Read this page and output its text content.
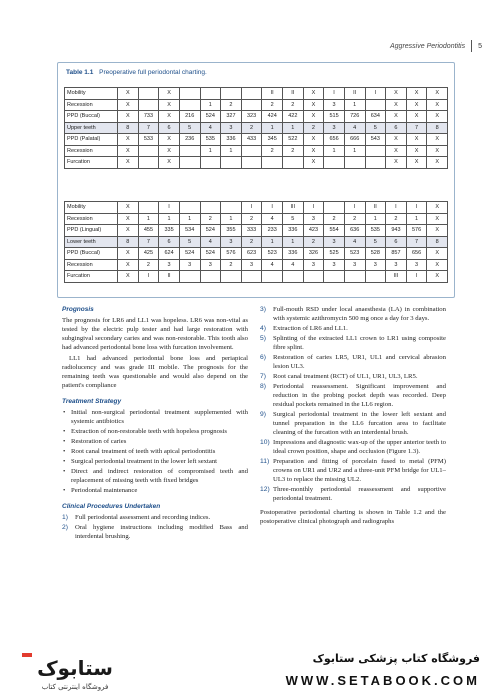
Aggressive Periodontitis 5
Table 1.1 Preoperative full periodontal charting.
Mobility	X		X					II	II	X	I	II	I	X	X	X
Recession	X		X		1	2		2	2	X	3	1		X	X	X
PPD (Buccal)	X	733	X	216	524	327	323	424	422	X	515	726	634	X	X	X
Upper teeth	8	7	6	5	4	3	2	1	1	2	3	4	5	6	7	8
PPD (Palatal)	X	533	X	236	535	336	433	345	522	X	656	666	543	X	X	X
Recession	X		X		1	1		2	2	X	1	1		X	X	X
Furcation	X		X							X				X	X	X
Mobility	X		I				I	I	III	I		I	II	I	I	X
Recession	X	1	1	1	2	1	2	4	5	3	2	2	1	2	1	X
PPD (Lingual)	X	455	335	534	524	355	333	233	336	423	554	636	535	943	576	X
Lower teeth	8	7	6	5	4	3	2	1	1	2	3	4	5	6	7	8
PPD (Buccal)	X	425	624	524	524	576	623	523	336	326	525	523	528	857	656	X
Recession	X	2	3	3	3	2	3	4	4	3	3	3	3	3	3	X
Furcation	X	I	II											III	I	X
Prognosis

The prognosis for LR6 and LL1 was hopeless. LR6 was non-vital as tested by the electric pulp tester and had large restoration with subgingival secondary caries and was non-restorable. This tooth also had advanced periodontal bone loss with furcation involvement.

LL1 had advanced periodontal bone loss and periapical radiolucency and was grade III mobile. The prognosis for the remaining teeth was questionable and would also depend on the patient's compliance

Treatment Strategy
• Initial non-surgical periodontal treatment supplemented with systemic antibiotics
• Extraction of non-restorable teeth with hopeless prognosis
• Restoration of caries
• Root canal treatment of teeth with apical periodontitis
• Surgical periodontal treatment in the lower left sextant
• Direct and indirect restoration of compromised teeth and replacement of missing teeth with fixed bridges
• Periodontal maintenance
Clinical Procedures Undertaken
1) Full periodontal assessment and recording indices.
2) Oral hygiene instructions including modified Bass and interdental brushing.
3) Full-mouth RSD under local anaesthesia (LA) in combination with systemic azithromycin 500 mg once a day for 3 days.
4) Extraction of LR6 and LL1.
5) Splinting of the extracted LL1 crown to LR1 using composite fibre splint.
6) Restoration of caries LR5, UR1, UL1 and cervical abrasion lesion UL3.
7) Root canal treatment (RCT) of UL1, UR1, UL3, LR5.
8) Periodontal reassessment. Significant improvement and reduction in the probing pocket depth was recorded. Deep residual pockets remained in the LL6 region.
9) Surgical periodontal treatment in the lower left sextant and tunnel preparation in the LL6 furcation area to facilitate cleaning of the furcation with an interdental brush.
10) Impressions and diagnostic wax-up of the upper anterior teeth to ideal crown position, shape and occlusion (Figure 1.3).
11) Preparation and fitting of porcelain fused to metal (PFM) crowns on UR1 and UR2 and a three-unit PFM bridge for UL1–UL3 to replace the missing UL2.
12) Three-monthly periodontal reassessment and supportive periodontal treatment.

Postoperative periodontal charting is shown in Table 1.2 and the postoperative clinical photograph and radiographs

ستابوک
فروشگاه اینترنتی کتاب
فروشگاه کتاب پزشکی ستابوک
WWW.SETABOOK.COM
